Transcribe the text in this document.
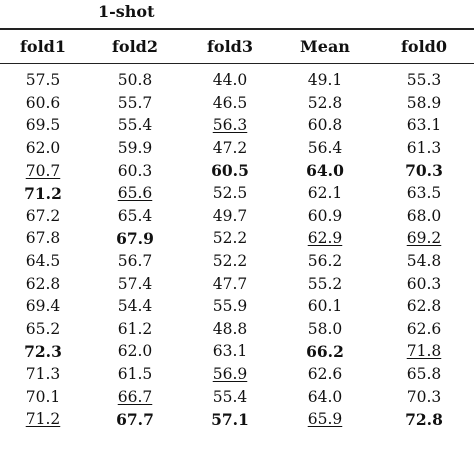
1-shot
fold1	fold2	fold3	Mean	fold0
57.5	50.8	44.0	49.1	55.3
60.6	55.7	46.5	52.8	58.9
69.5	55.4	56.3	60.8	63.1
62.0	59.9	47.2	56.4	61.3
70.7	60.3	60.5	64.0	70.3
71.2	65.6	52.5	62.1	63.5
67.2	65.4	49.7	60.9	68.0
67.8	67.9	52.2	62.9	69.2
64.5	56.7	52.2	56.2	54.8
62.8	57.4	47.7	55.2	60.3
69.4	54.4	55.9	60.1	62.8
65.2	61.2	48.8	58.0	62.6
72.3	62.0	63.1	66.2	71.8
71.3	61.5	56.9	62.6	65.8
70.1	66.7	55.4	64.0	70.3
71.2	67.7	57.1	65.9	72.8
